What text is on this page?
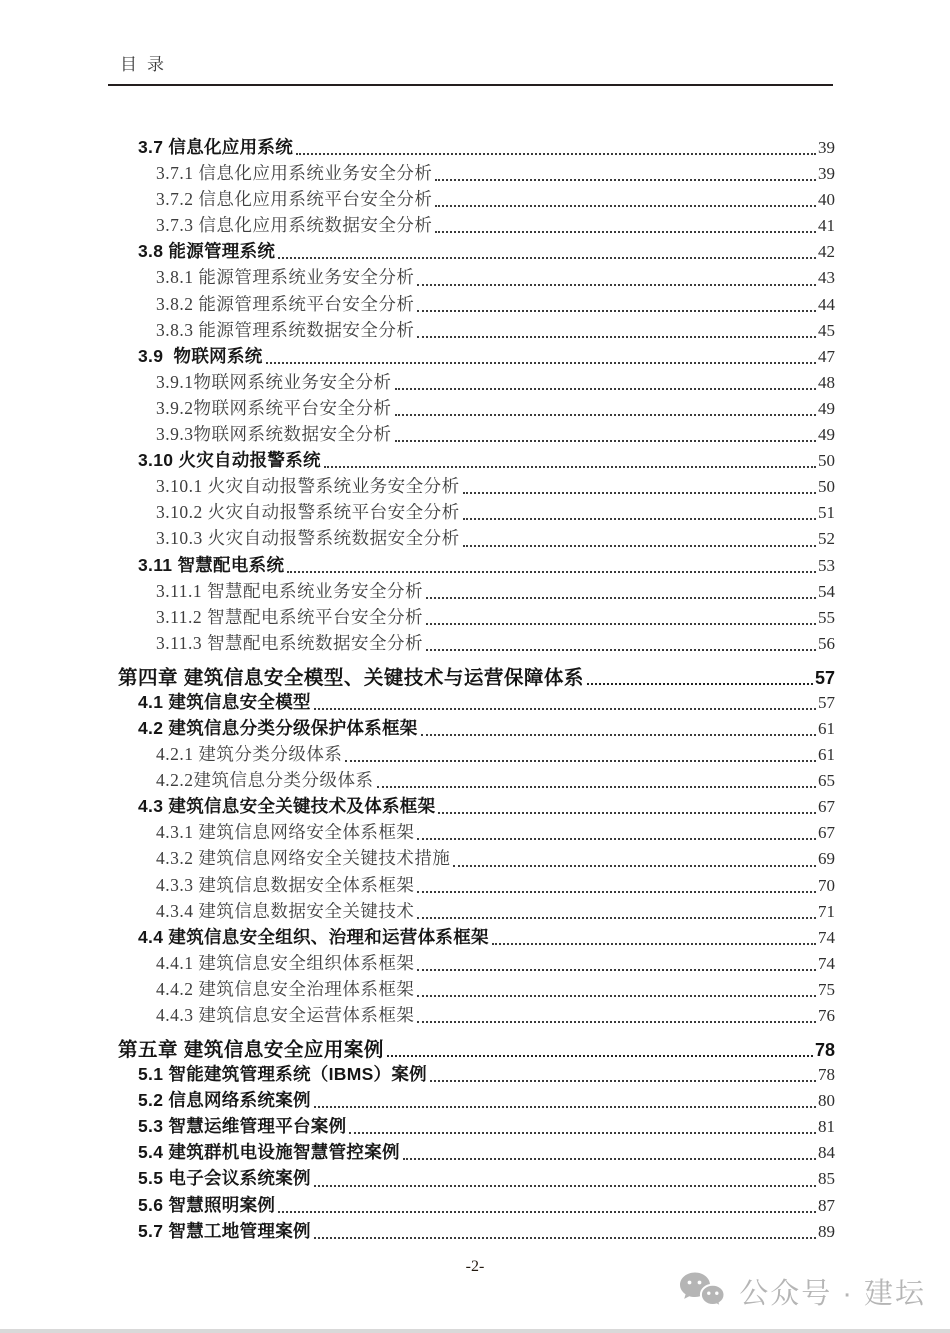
目录
3.7 信息化应用系统	39
3.7.1 信息化应用系统业务安全分析	39
3.7.2 信息化应用系统平台安全分析	40
3.7.3 信息化应用系统数据安全分析	41
3.8 能源管理系统	42
3.8.1 能源管理系统业务安全分析	43
3.8.2 能源管理系统平台安全分析	44
3.8.3 能源管理系统数据安全分析	45
3.9  物联网系统	47
3.9.1物联网系统业务安全分析	48
3.9.2物联网系统平台安全分析	49
3.9.3物联网系统数据安全分析	49
3.10 火灾自动报警系统	50
3.10.1 火灾自动报警系统业务安全分析	50
3.10.2 火灾自动报警系统平台安全分析	51
3.10.3 火灾自动报警系统数据安全分析	52
3.11 智慧配电系统	53
3.11.1 智慧配电系统业务安全分析	54
3.11.2 智慧配电系统平台安全分析	55
3.11.3 智慧配电系统数据安全分析	56
第四章 建筑信息安全模型、关键技术与运营保障体系	57
4.1 建筑信息安全模型	57
4.2 建筑信息分类分级保护体系框架	61
4.2.1 建筑分类分级体系	61
4.2.2建筑信息分类分级体系	65
4.3 建筑信息安全关键技术及体系框架	67
4.3.1 建筑信息网络安全体系框架	67
4.3.2 建筑信息网络安全关键技术措施	69
4.3.3 建筑信息数据安全体系框架	70
4.3.4 建筑信息数据安全关键技术	71
4.4 建筑信息安全组织、治理和运营体系框架	74
4.4.1 建筑信息安全组织体系框架	74
4.4.2 建筑信息安全治理体系框架	75
4.4.3 建筑信息安全运营体系框架	76
第五章 建筑信息安全应用案例	78
5.1 智能建筑管理系统（IBMS）案例	78
5.2 信息网络系统案例	80
5.3 智慧运维管理平台案例	81
5.4 建筑群机电设施智慧管控案例	84
5.5 电子会议系统案例	85
5.6 智慧照明案例	87
5.7 智慧工地管理案例	89
-2-
公众号 · 建坛
